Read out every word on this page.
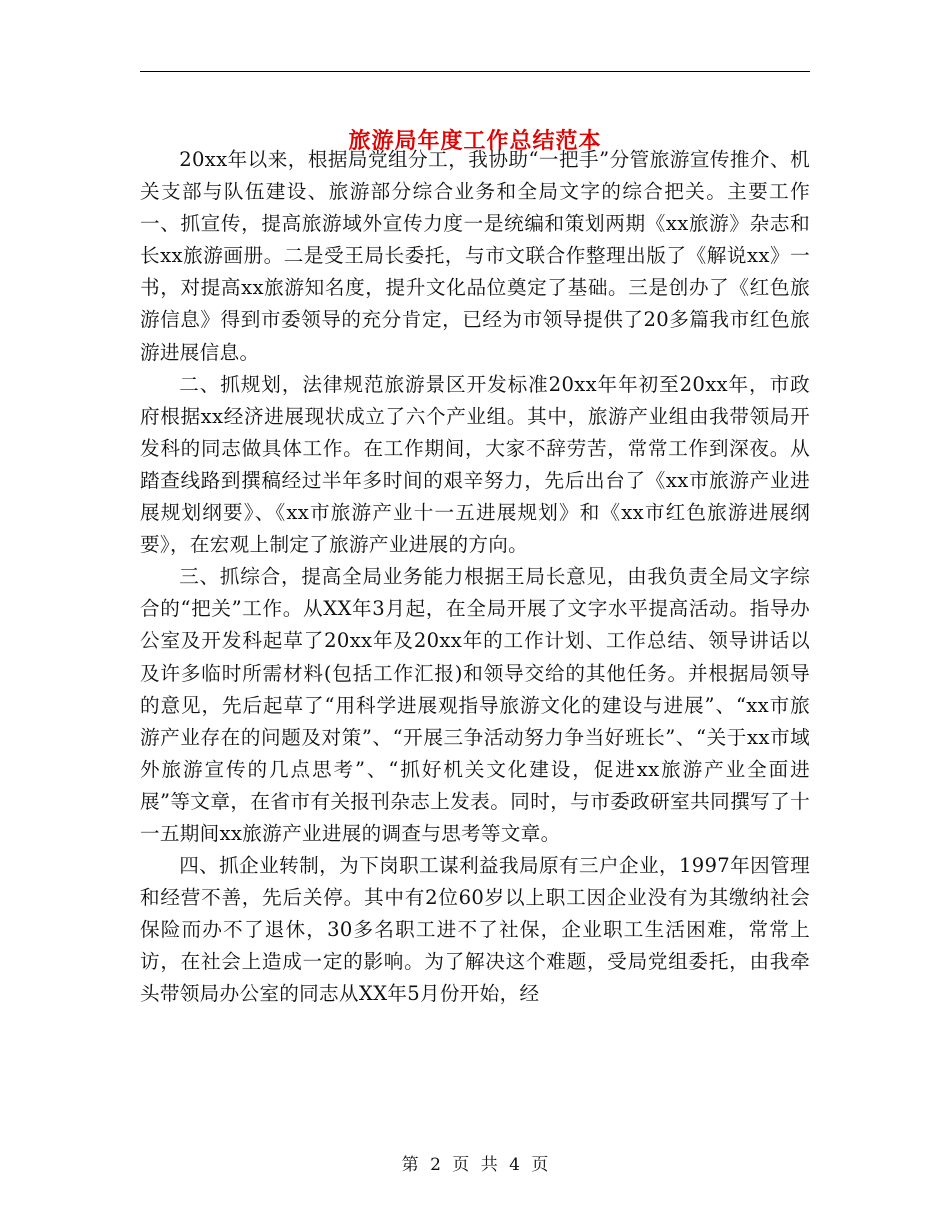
旅游局年度工作总结范本

20xx年以来，根据局党组分工，我协助“一把手”分管旅游宣传推介、机关支部与队伍建设、旅游部分综合业务和全局文字的综合把关。主要工作一、抓宣传，提高旅游域外宣传力度一是统编和策划两期《xx旅游》杂志和长xx旅游画册。二是受王局长委托，与市文联合作整理出版了《解说xx》一书，对提高xx旅游知名度，提升文化品位奠定了基础。三是创办了《红色旅游信息》得到市委领导的充分肯定，已经为市领导提供了20多篇我市红色旅游进展信息。

二、抓规划，法律规范旅游景区开发标准20xx年年初至20xx年，市政府根据xx经济进展现状成立了六个产业组。其中，旅游产业组由我带领局开发科的同志做具体工作。在工作期间，大家不辞劳苦，常常工作到深夜。从踏查线路到撰稿经过半年多时间的艰辛努力，先后出台了《xx市旅游产业进展规划纲要》、《xx市旅游产业十一五进展规划》和《xx市红色旅游进展纲要》，在宏观上制定了旅游产业进展的方向。

三、抓综合，提高全局业务能力根据王局长意见，由我负责全局文字综合的“把关”工作。从XX年3月起，在全局开展了文字水平提高活动。指导办公室及开发科起草了20xx年及20xx年的工作计划、工作总结、领导讲话以及许多临时所需材料(包括工作汇报)和领导交给的其他任务。并根据局领导的意见，先后起草了“用科学进展观指导旅游文化的建设与进展”、“xx市旅游产业存在的问题及对策”、“开展三争活动努力争当好班长”、“关于xx市域外旅游宣传的几点思考”、“抓好机关文化建设，促进xx旅游产业全面进展”等文章，在省市有关报刊杂志上发表。同时，与市委政研室共同撰写了十一五期间xx旅游产业进展的调查与思考等文章。

四、抓企业转制，为下岗职工谋利益我局原有三户企业，1997年因管理和经营不善，先后关停。其中有2位60岁以上职工因企业没有为其缴纳社会保险而办不了退休，30多名职工进不了社保，企业职工生活困难，常常上访，在社会上造成一定的影响。为了解决这个难题，受局党组委托，由我牵头带领局办公室的同志从XX年5月份开始，经

第 2 页 共 4 页
